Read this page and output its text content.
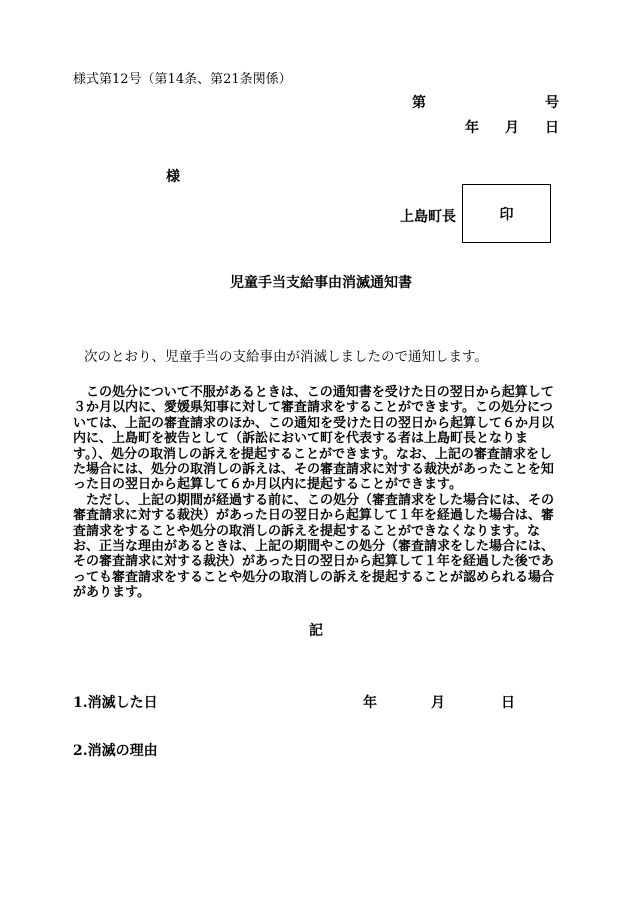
様式第12号（第14条、第21条関係）
第	号
年 月 日
様
上島町長	印
児童手当支給事由消滅通知書
次のとおり、児童手当の支給事由が消滅しましたので通知します。

この処分について不服があるときは、この通知書を受けた日の翌日から起算して３か月以内に、愛媛県知事に対して審査請求をすることができます。この処分については、上記の審査請求のほか、この通知を受けた日の翌日から起算して６か月以内に、上島町を被告として（訴訟において町を代表する者は上島町長となります。）、処分の取消しの訴えを提起することができます。なお、上記の審査請求をした場合には、処分の取消しの訴えは、その審査請求に対する裁決があったことを知った日の翌日から起算して６か月以内に提起することができます。

ただし、上記の期間が経過する前に、この処分（審査請求をした場合には、その審査請求に対する裁決）があった日の翌日から起算して１年を経過した場合は、審査請求をすることや処分の取消しの訴えを提起することができなくなります。なお、正当な理由があるときは、上記の期間やこの処分（審査請求をした場合には、その審査請求に対する裁決）があった日の翌日から起算して１年を経過した後であっても審査請求をすることや処分の取消しの訴えを提起することが認められる場合があります。

記
1.消滅した日	年	月	日
2.消滅の理由
